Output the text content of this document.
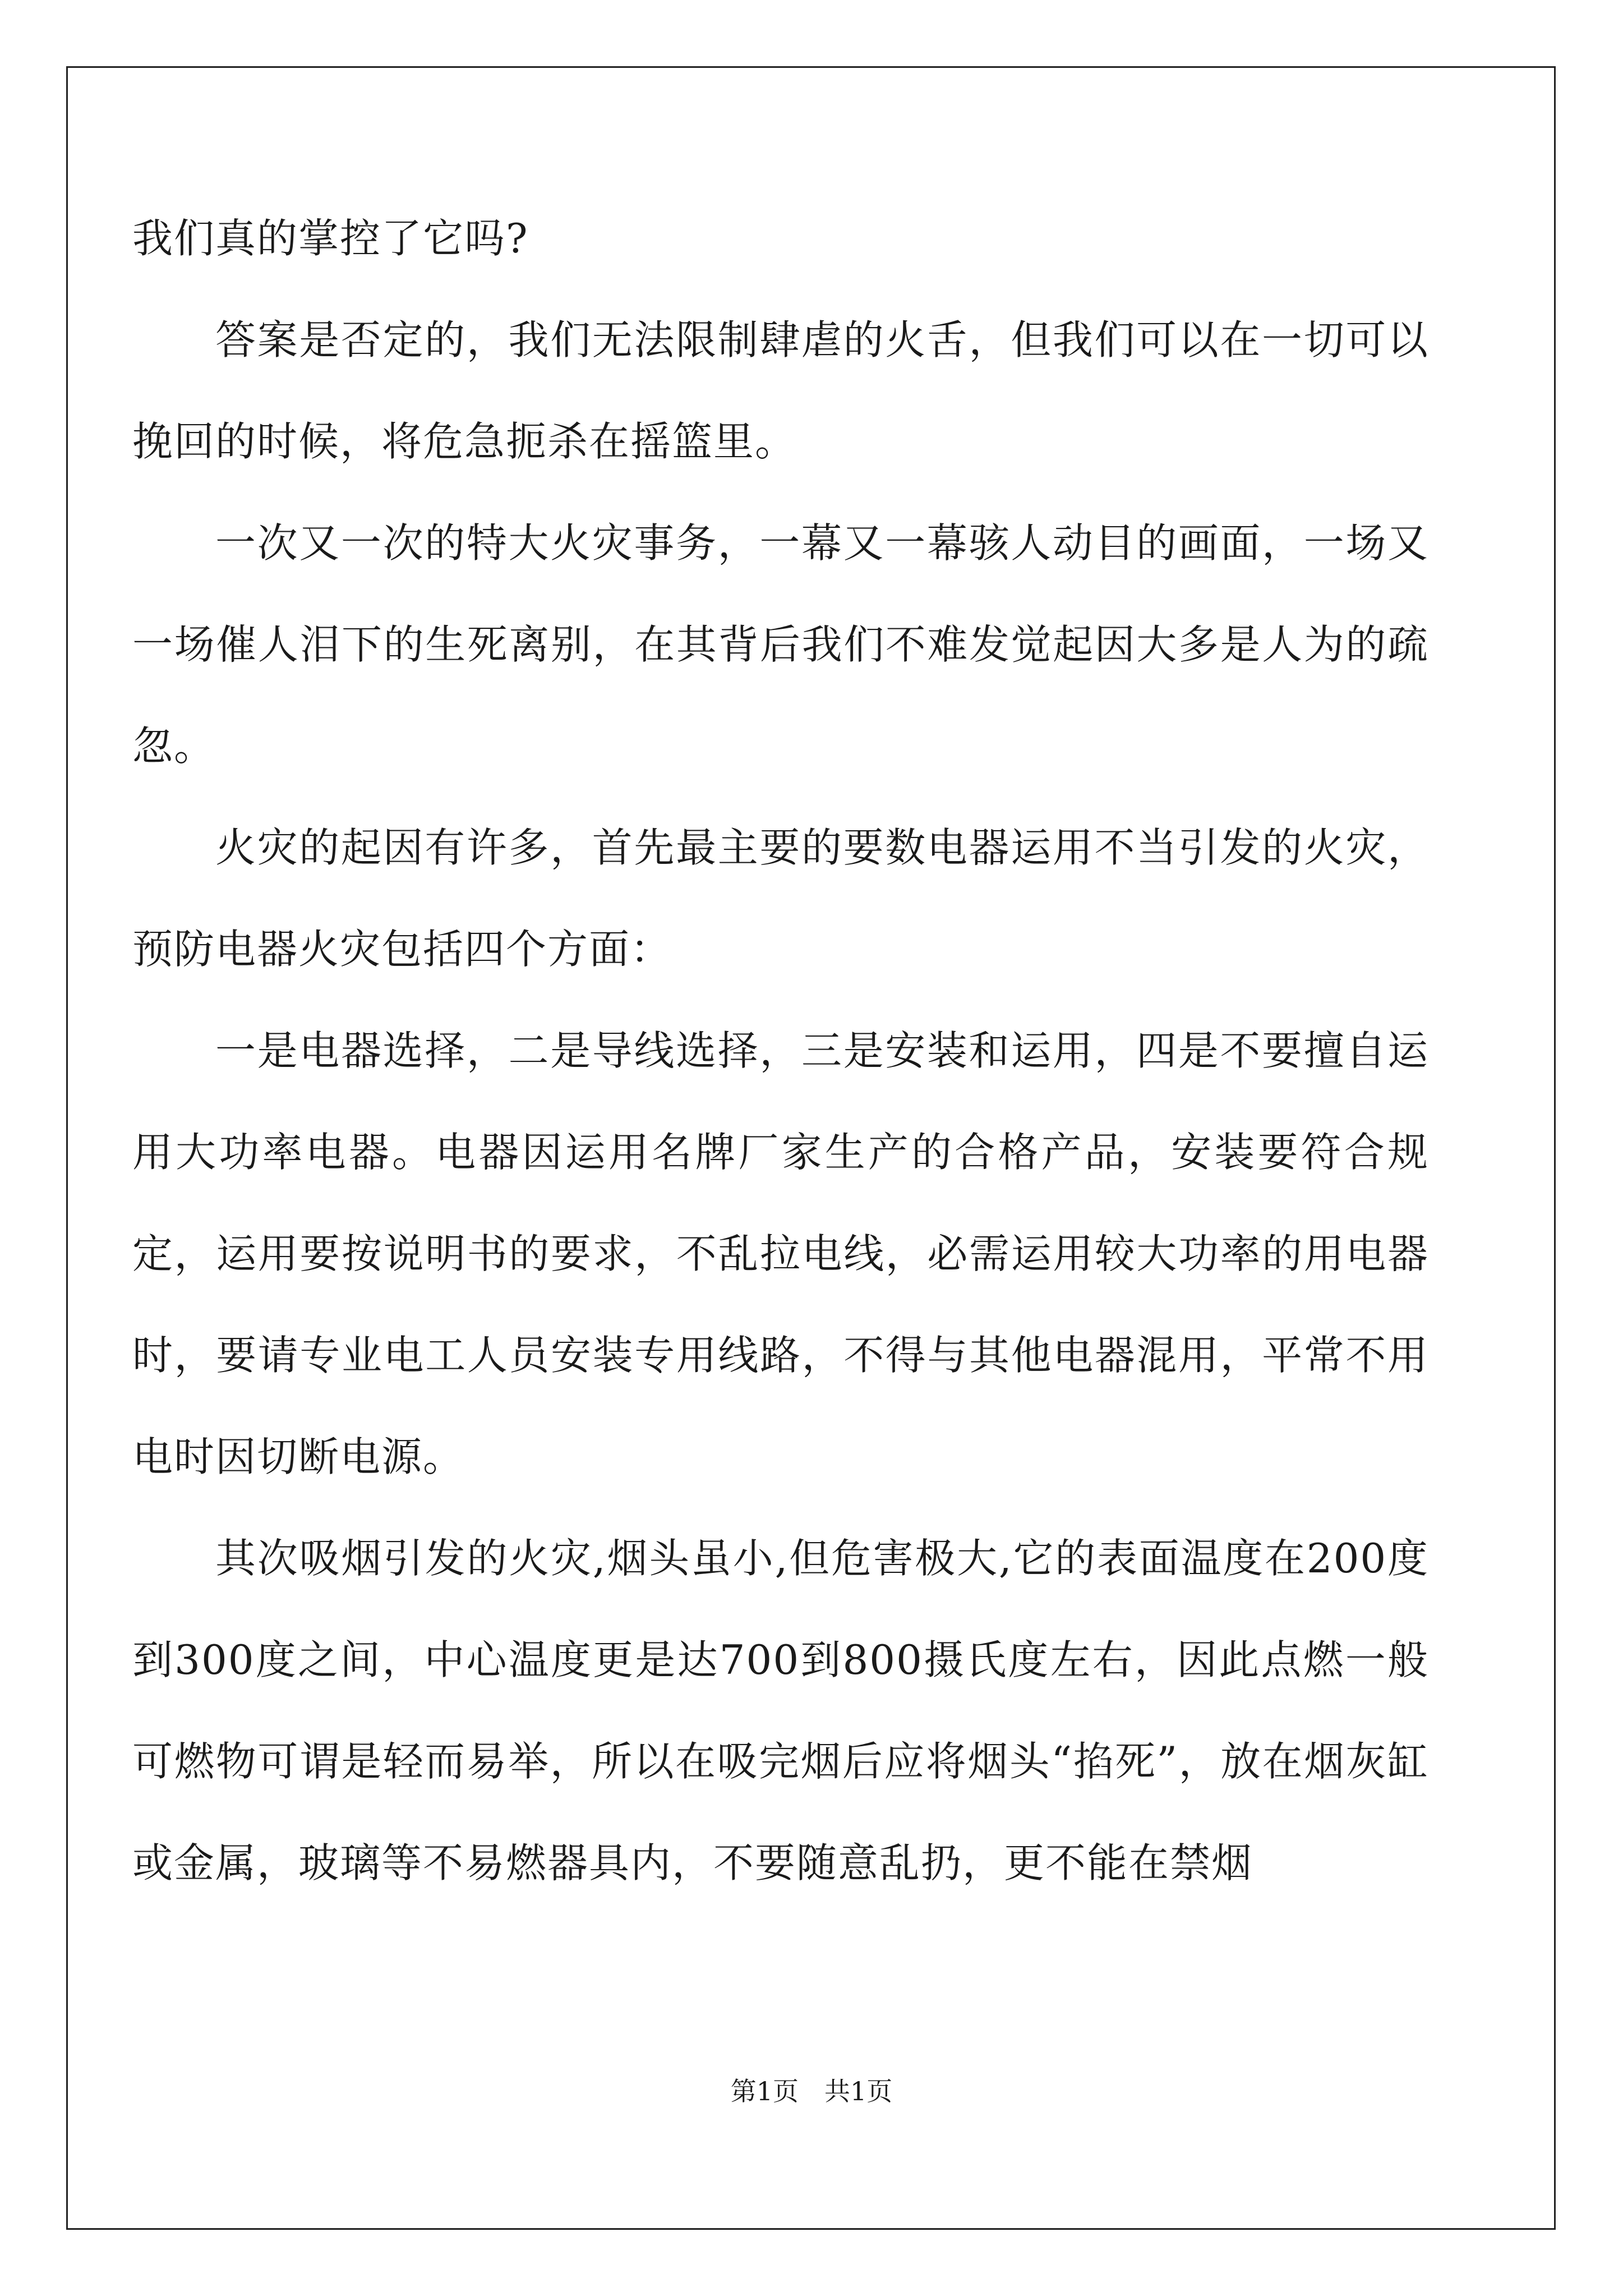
我们真的掌控了它吗?

答案是否定的，我们无法限制肆虐的火舌，但我们可以在一切可以挽回的时候，将危急扼杀在摇篮里。

一次又一次的特大火灾事务，一幕又一幕骇人动目的画面，一场又一场催人泪下的生死离别，在其背后我们不难发觉起因大多是人为的疏忽。

火灾的起因有许多，首先最主要的要数电器运用不当引发的火灾，预防电器火灾包括四个方面：

一是电器选择，二是导线选择，三是安装和运用，四是不要擅自运用大功率电器。电器因运用名牌厂家生产的合格产品，安装要符合规定，运用要按说明书的要求，不乱拉电线，必需运用较大功率的用电器时，要请专业电工人员安装专用线路，不得与其他电器混用，平常不用电时因切断电源。

其次吸烟引发的火灾,烟头虽小,但危害极大,它的表面温度在200度到300度之间，中心温度更是达700到800摄氏度左右，因此点燃一般可燃物可谓是轻而易举，所以在吸完烟后应将烟头“掐死”，放在烟灰缸或金属，玻璃等不易燃器具内，不要随意乱扔，更不能在禁烟

第1页 共1页
